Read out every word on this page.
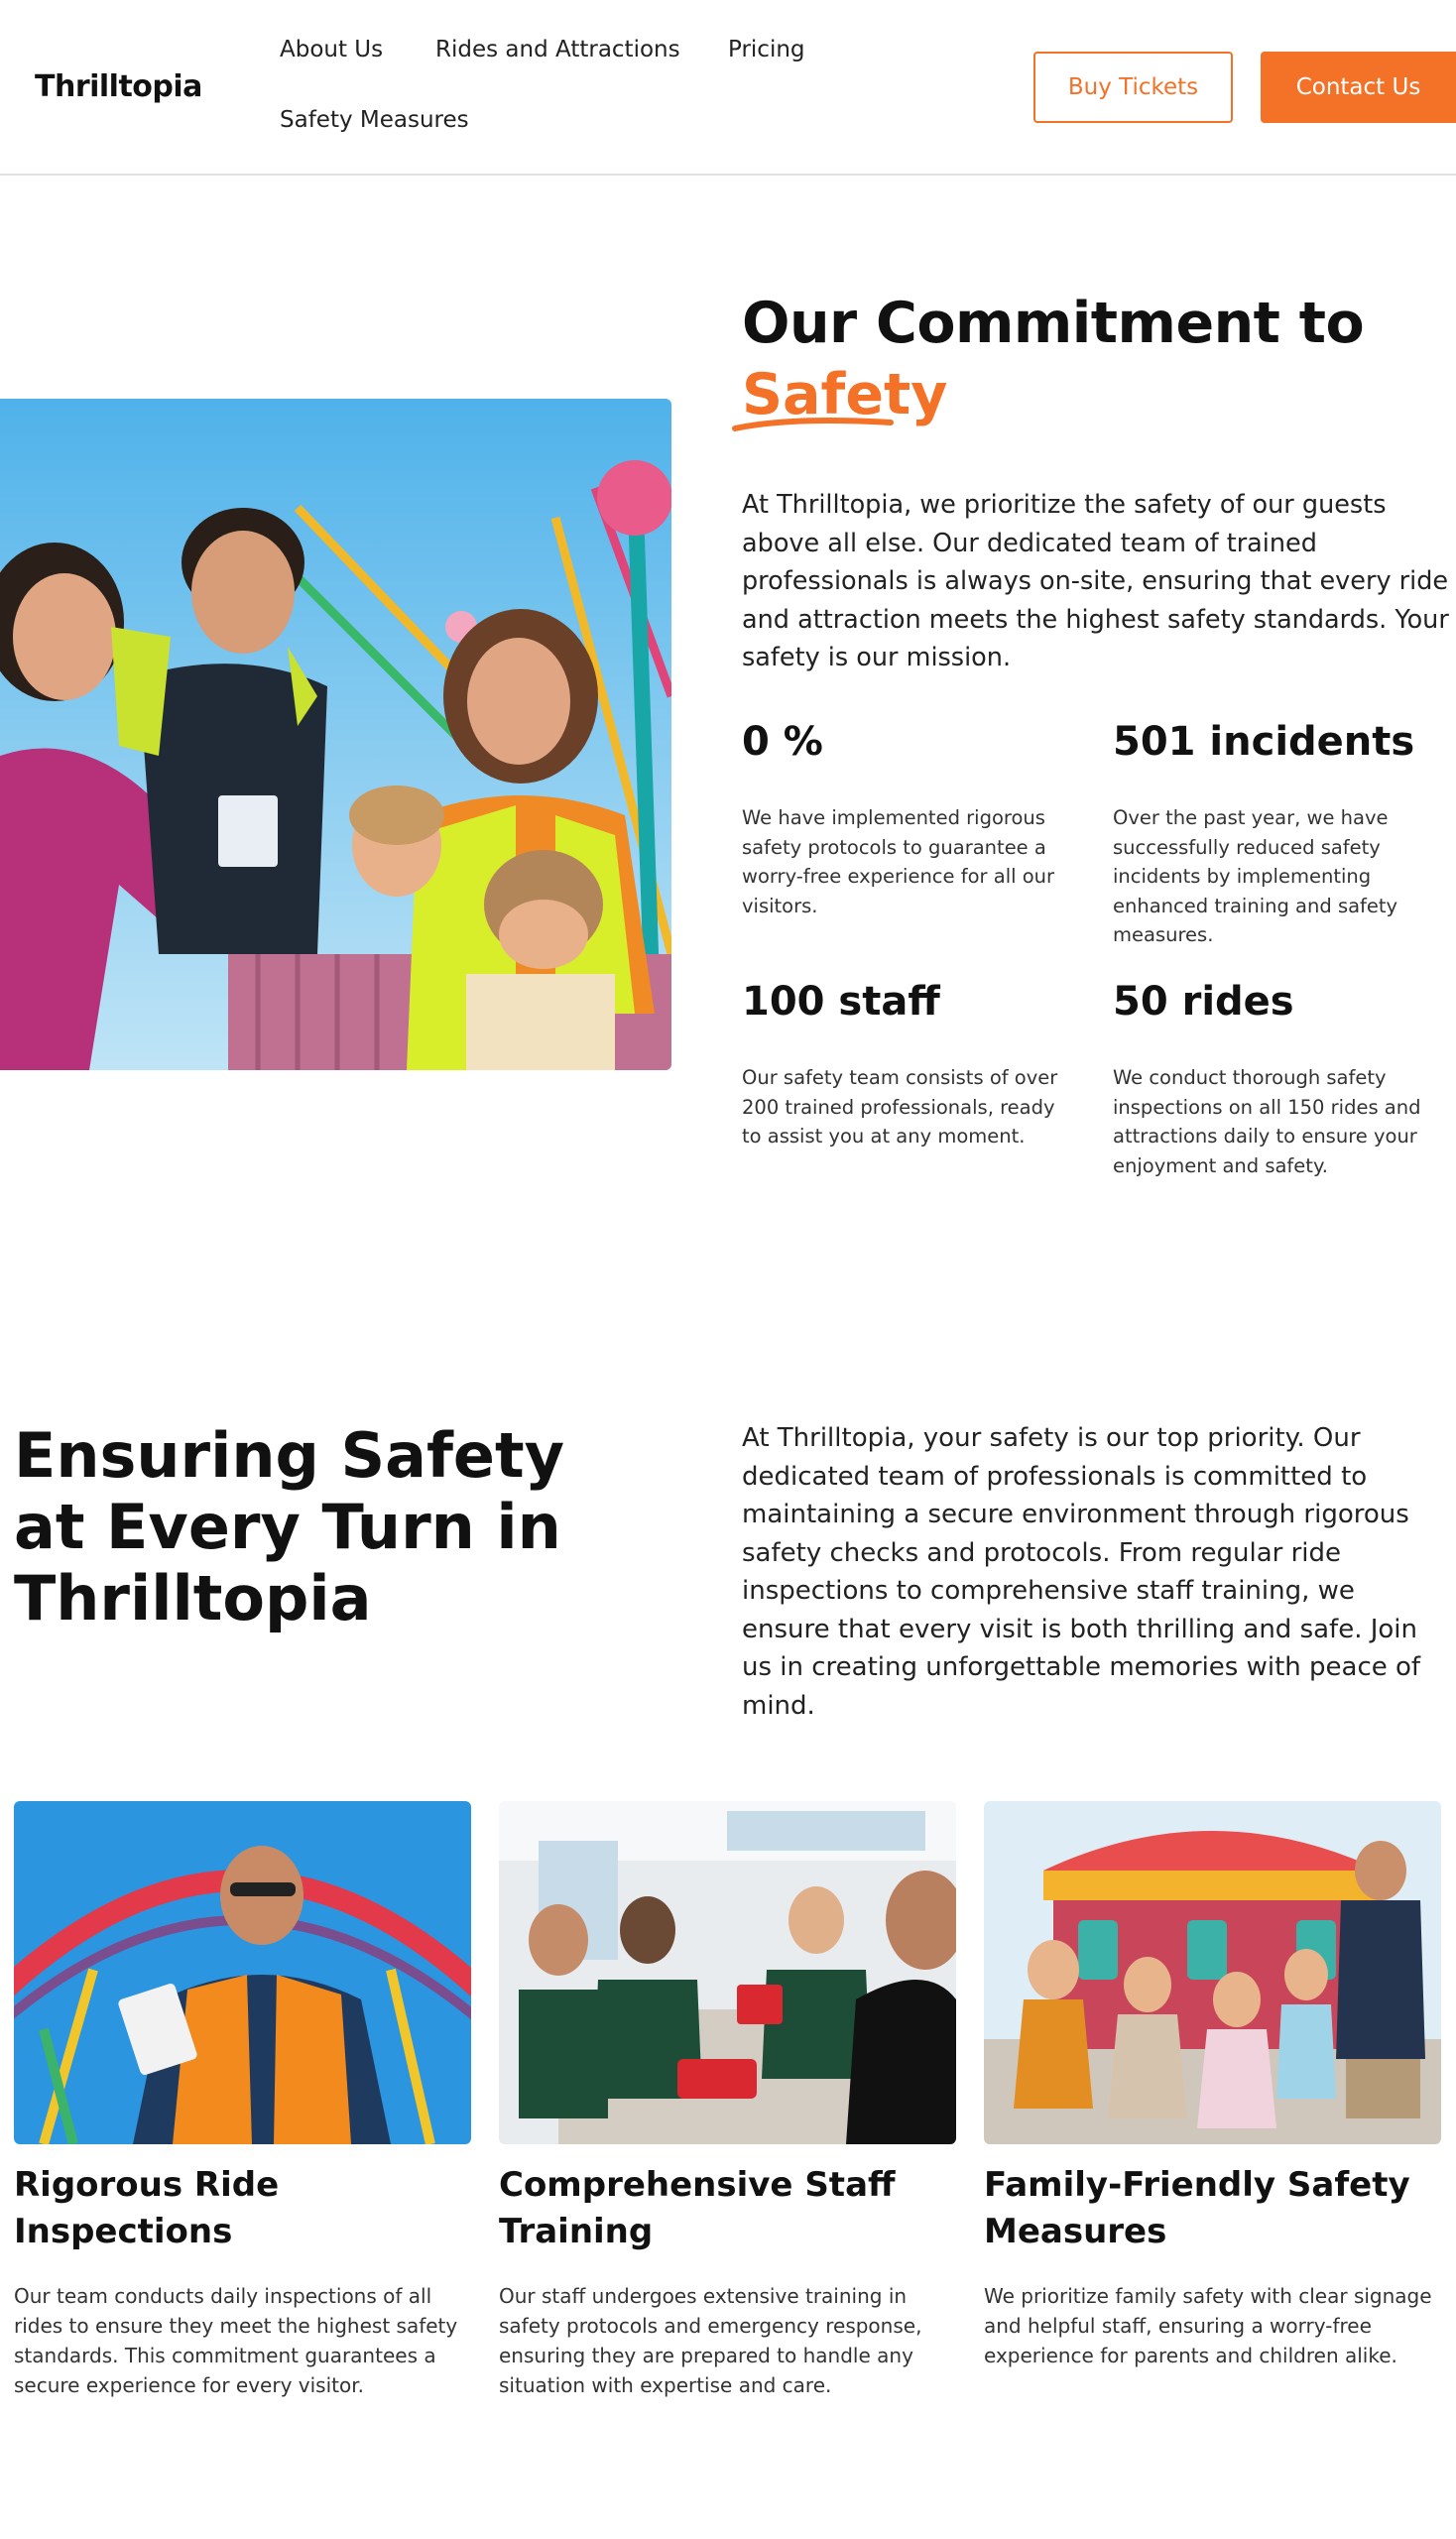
Thrilltopia
About Us Rides and Attractions Pricing
Safety Measures
Buy Tickets	Contact Us
Our Commitment to
Safety

At Thrilltopia, we prioritize the safety of our guests above all else. Our dedicated team of trained professionals is always on-site, ensuring that every ride and attraction meets the highest safety standards. Your safety is our mission.

0 %

We have implemented rigorous safety protocols to guarantee a worry-free experience for all our visitors.

501 incidents

Over the past year, we have successfully reduced safety incidents by implementing enhanced training and safety measures.

100 staff

Our safety team consists of over 200 trained professionals, ready to assist you at any moment.

50 rides

We conduct thorough safety inspections on all 150 rides and attractions daily to ensure your enjoyment and safety.

Ensuring Safety at Every Turn in Thrilltopia

At Thrilltopia, your safety is our top priority. Our dedicated team of professionals is committed to maintaining a secure environment through rigorous safety checks and protocols. From regular ride inspections to comprehensive staff training, we ensure that every visit is both thrilling and safe. Join us in creating unforgettable memories with peace of mind.

Rigorous Ride Inspections

Our team conducts daily inspections of all rides to ensure they meet the highest safety standards. This commitment guarantees a secure experience for every visitor.

Comprehensive Staff Training

Our staff undergoes extensive training in safety protocols and emergency response, ensuring they are prepared to handle any situation with expertise and care.

Family-Friendly Safety Measures

We prioritize family safety with clear signage and helpful staff, ensuring a worry-free experience for parents and children alike.
